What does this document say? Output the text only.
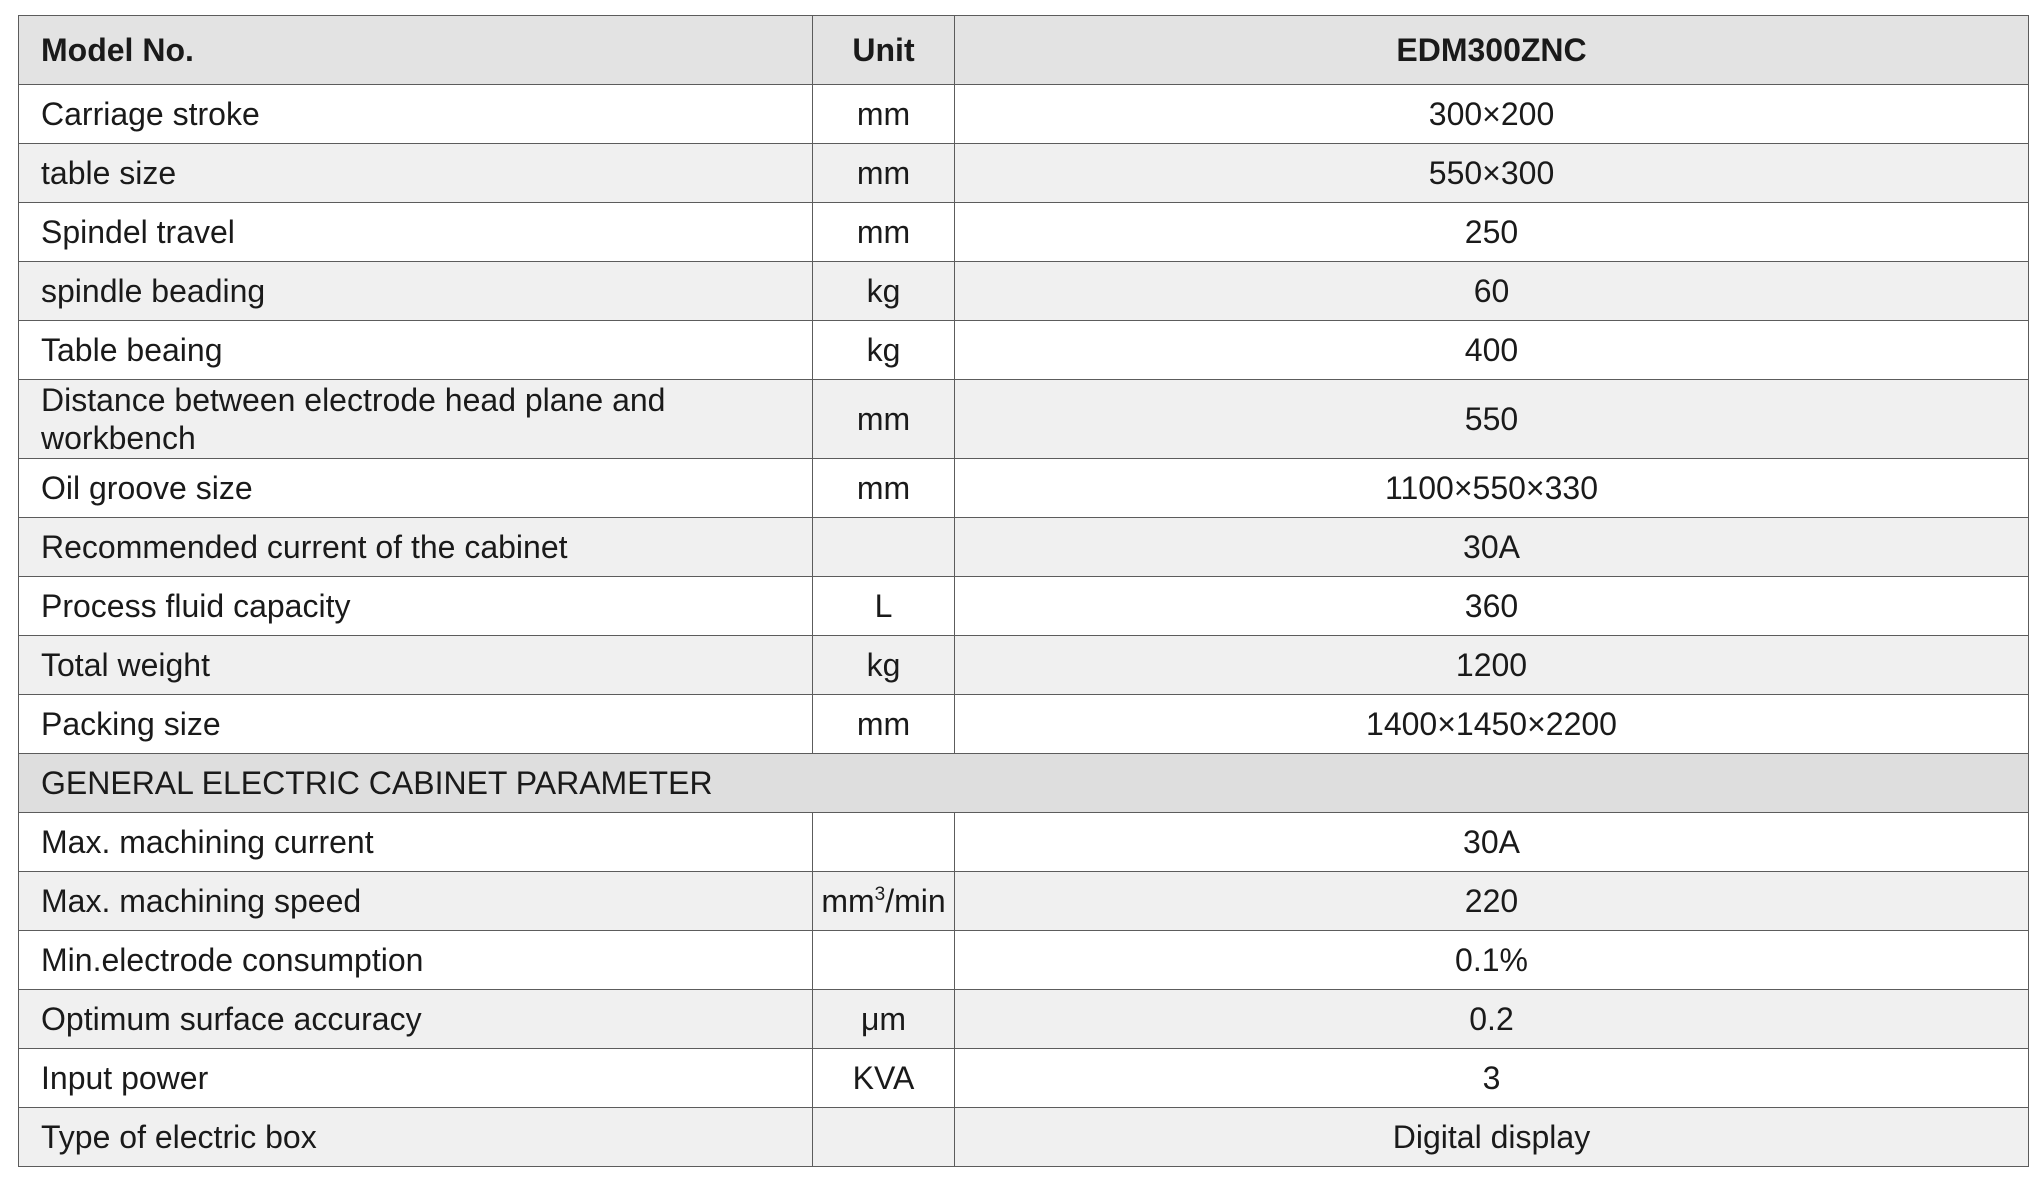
Model No.	Unit	EDM300ZNC
Carriage stroke	mm	300×200
table size	mm	550×300
Spindel travel	mm	250
spindle beading	kg	60
Table beaing	kg	400
Distance between electrode head plane and workbench	mm	550
Oil groove size	mm	1100×550×330
Recommended current of the cabinet		30A
Process fluid capacity	L	360
Total weight	kg	1200
Packing size	mm	1400×1450×2200
GENERAL ELECTRIC CABINET PARAMETER		
Max. machining current		30A
Max. machining speed	$mm^3/\min$	220
Min.electrode consumption		0.1%
Optimum surface accuracy	μm	0.2
Input power	KVA	3
Type of electric box		Digital display
